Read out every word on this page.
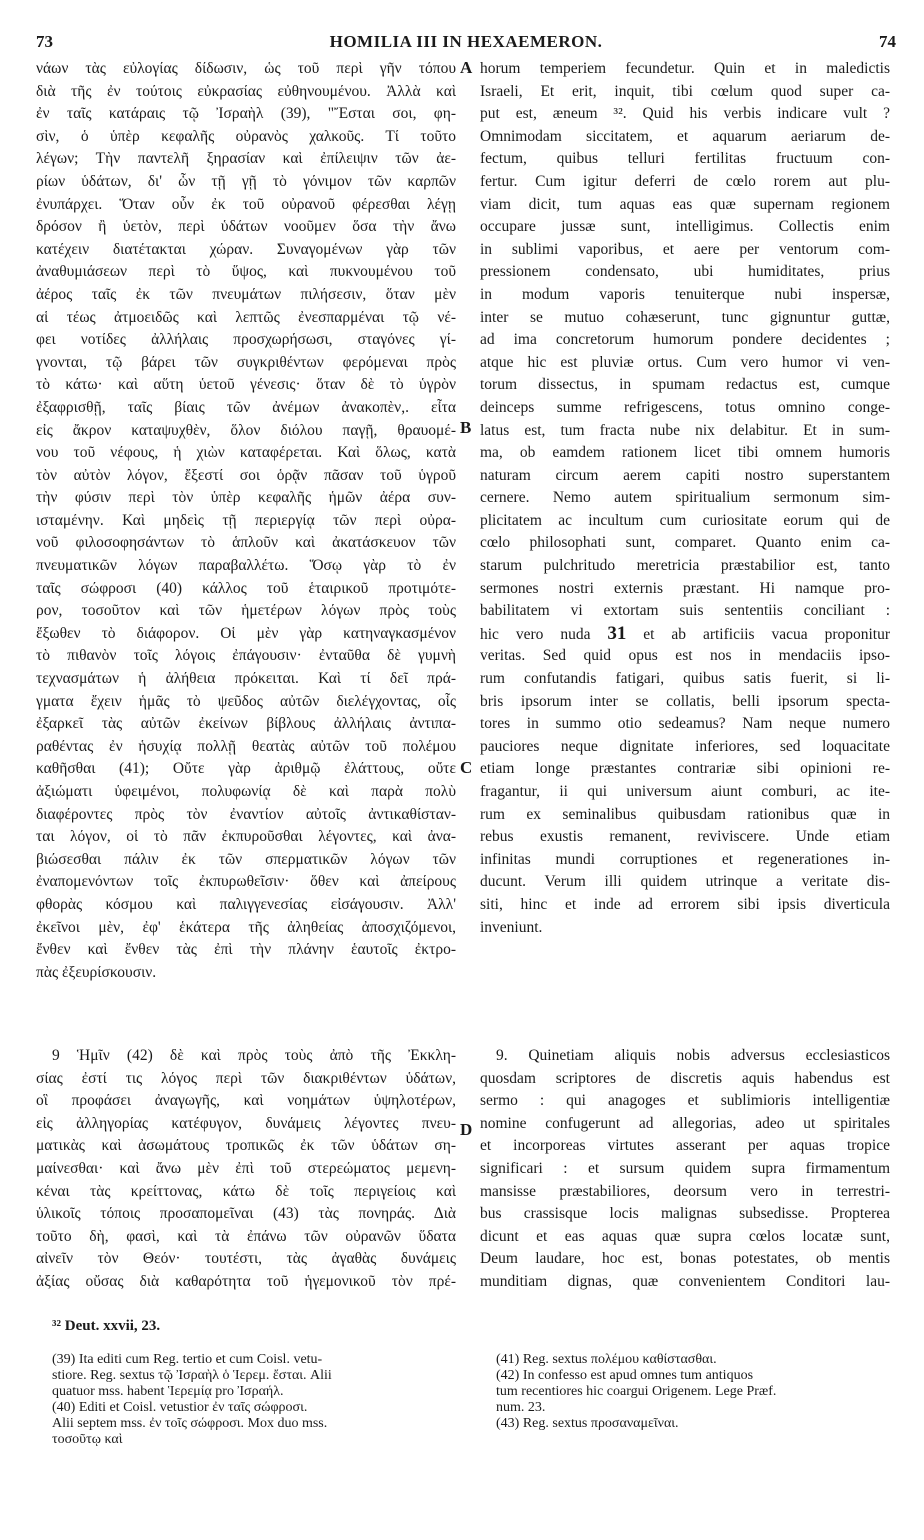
73	HOMILIA III IN HEXAEMERON.	74
νάων τὰς εὐλογίας δίδωσιν, ὡς τοῦ περὶ γῆν τόπου
διὰ τῆς ἐν τούτοις εὐκρασίας εὐθηνουμένου. Ἀλλὰ καὶ
ἐν ταῖς κατάραις τῷ Ἰσραὴλ (39), "Ἔσται σοι, φη-
σὶν, ὁ ὑπὲρ κεφαλῆς οὐρανὸς χαλκοῦς. Τί τοῦτο
λέγων; Τὴν παντελῆ ξηρασίαν καὶ ἐπίλειψιν τῶν ἀε-
ρίων ὑδάτων, δι' ὧν τῇ γῇ τὸ γόνιμον τῶν καρπῶν
ἐνυπάρχει. Ὅταν οὖν ἐκ τοῦ οὐρανοῦ φέρεσθαι λέγῃ
δρόσον ἢ ὑετὸν, περὶ ὑδάτων νοοῦμεν ὅσα τὴν ἄνω
κατέχειν διατέτακται χώραν. Συναγομένων γὰρ τῶν
ἀναθυμιάσεων περὶ τὸ ὕψος, καὶ πυκνουμένου τοῦ
ἀέρος ταῖς ἐκ τῶν πνευμάτων πιλήσεσιν, ὅταν μὲν
αἱ τέως ἀτμοειδῶς καὶ λεπτῶς ἐνεσπαρμέναι τῷ νέ-
φει νοτίδες ἀλλήλαις προσχωρήσωσι, σταγόνες γί-
γνονται, τῷ βάρει τῶν συγκριθέντων φερόμεναι πρὸς
τὸ κάτω· καὶ αὕτη ὑετοῦ γένεσις· ὅταν δὲ τὸ ὑγρὸν
ἐξαφρισθῇ, ταῖς βίαις τῶν ἀνέμων ἀνακοπὲν,. εἶτα
εἰς ἄκρον καταψυχθὲν, ὅλον διόλου παγῇ, θραυομέ-
νου τοῦ νέφους, ἡ χιὼν καταφέρεται. Καὶ ὅλως, κατὰ
τὸν αὐτὸν λόγον, ἔξεστί σοι ὁρᾷν πᾶσαν τοῦ ὑγροῦ
τὴν φύσιν περὶ τὸν ὑπὲρ κεφαλῆς ἡμῶν ἀέρα συν-
ισταμένην. Καὶ μηδεὶς τῇ περιεργίᾳ τῶν περὶ οὐρα-
νοῦ φιλοσοφησάντων τὸ ἁπλοῦν καὶ ἀκατάσκευον τῶν
πνευματικῶν λόγων παραβαλλέτω. Ὅσῳ γὰρ τὸ ἐν
ταῖς σώφροσι (40) κάλλος τοῦ ἑταιρικοῦ προτιμότε-
ρον, τοσοῦτον καὶ τῶν ἡμετέρων λόγων πρὸς τοὺς
ἔξωθεν τὸ διάφορον. Οἱ μὲν γὰρ κατηναγκασμένον
τὸ πιθανὸν τοῖς λόγοις ἐπάγουσιν· ἐνταῦθα δὲ γυμνὴ
τεχνασμάτων ἡ ἀλήθεια πρόκειται. Καὶ τί δεῖ πρά-
γματα ἔχειν ἡμᾶς τὸ ψεῦδος αὐτῶν διελέγχοντας, οἷς
ἐξαρκεῖ τὰς αὐτῶν ἐκείνων βίβλους ἀλλήλαις ἀντιπα-
ραθέντας ἐν ἡσυχίᾳ πολλῇ θεατὰς αὐτῶν τοῦ πολέμου
καθῆσθαι (41); Οὔτε γὰρ ἀριθμῷ ἐλάττους, οὔτε
ἀξιώματι ὑφειμένοι, πολυφωνίᾳ δὲ καὶ παρὰ πολὺ
διαφέροντες πρὸς τὸν ἐναντίον αὐτοῖς ἀντικαθίσταν-
ται λόγον, οἱ τὸ πᾶν ἐκπυροῦσθαι λέγοντες, καὶ ἀνα-
βιώσεσθαι πάλιν ἐκ τῶν σπερματικῶν λόγων τῶν
ἐναπομενόντων τοῖς ἐκπυρωθεῖσιν· ὅθεν καὶ ἀπείρους
φθορὰς κόσμου καὶ παλιγγενεσίας εἰσάγουσιν. Ἀλλ'
ἐκεῖνοι μὲν, ἐφ' ἑκάτερα τῆς ἀληθείας ἀποσχιζόμενοι,
ἔνθεν καὶ ἔνθεν τὰς ἐπὶ τὴν πλάνην ἑαυτοῖς ἐκτρο-
πὰς ἐξευρίσκουσιν.
horum temperiem fecundetur. Quin et in maledictis
Israeli, Et erit, inquit, tibi cœlum quod super ca-
put est, æneum ³². Quid his verbis indicare vult ?
Omnimodam siccitatem, et aquarum aeriarum de-
fectum, quibus telluri fertilitas fructuum con-
fertur. Cum igitur deferri de cœlo rorem aut plu-
viam dicit, tum aquas eas quæ supernam regionem
occupare jussæ sunt, intelligimus. Collectis enim
in sublimi vaporibus, et aere per ventorum com-
pressionem condensato, ubi humiditates, prius
in modum vaporis tenuiterque nubi inspersæ,
inter se mutuo cohæserunt, tunc gignuntur guttæ,
ad ima concretorum humorum pondere decidentes ;
atque hic est pluviæ ortus. Cum vero humor vi ven-
torum dissectus, in spumam redactus est, cumque
deinceps summe refrigescens, totus omnino conge-
latus est, tum fracta nube nix delabitur. Et in sum-
ma, ob eamdem rationem licet tibi omnem humoris
naturam circum aerem capiti nostro superstantem
cernere. Nemo autem spiritualium sermonum sim-
plicitatem ac incultum cum curiositate eorum qui de
cœlo philosophati sunt, comparet. Quanto enim ca-
starum pulchritudo meretricia præstabilior est, tanto
sermones nostri externis præstant. Hi namque pro-
babilitatem vi extortam suis sententiis conciliant :
hic vero nuda 31 et ab artificiis vacua proponitur
veritas. Sed quid opus est nos in mendaciis ipso-
rum confutandis fatigari, quibus satis fuerit, si li-
bris ipsorum inter se collatis, belli ipsorum specta-
tores in summo otio sedeamus? Nam neque numero
pauciores neque dignitate inferiores, sed loquacitate
etiam longe præstantes contrariæ sibi opinioni re-
fragantur, ii qui universum aiunt comburi, ac ite-
rum ex seminalibus quibusdam rationibus quæ in
rebus exustis remanent, reviviscere. Unde etiam
infinitas mundi corruptiones et regenerationes in-
ducunt. Verum illi quidem utrinque a veritate dis-
siti, hinc et inde ad errorem sibi ipsis diverticula
inveniunt.
A
B
C
D
9 Ἡμῖν (42) δὲ καὶ πρὸς τοὺς ἀπὸ τῆς Ἐκκλη-
σίας ἐστί τις λόγος περὶ τῶν διακριθέντων ὑδάτων,
οἳ προφάσει ἀναγωγῆς, καὶ νοημάτων ὑψηλοτέρων,
εἰς ἀλληγορίας κατέφυγον, δυνάμεις λέγοντες πνευ-
ματικὰς καὶ ἀσωμάτους τροπικῶς ἐκ τῶν ὑδάτων ση-
μαίνεσθαι· καὶ ἄνω μὲν ἐπὶ τοῦ στερεώματος μεμενη-
κέναι τὰς κρείττονας, κάτω δὲ τοῖς περιγείοις καὶ
ὑλικοῖς τόποις προσαπομεῖναι (43) τὰς πονηράς. Διὰ
τοῦτο δὴ, φασὶ, καὶ τὰ ἐπάνω τῶν οὐρανῶν ὕδατα
αἰνεῖν τὸν Θεόν· τουτέστι, τὰς ἀγαθὰς δυνάμεις
ἀξίας οὔσας διὰ καθαρότητα τοῦ ἡγεμονικοῦ τὸν πρέ-
9. Quinetiam aliquis nobis adversus ecclesiasticos
quosdam scriptores de discretis aquis habendus est
sermo : qui anagoges et sublimioris intelligentiæ
nomine confugerunt ad allegorias, adeo ut spiritales
et incorporeas virtutes asserant per aquas tropice
significari : et sursum quidem supra firmamentum
mansisse præstabiliores, deorsum vero in terrestri-
bus crassisque locis malignas subsedisse. Propterea
dicunt et eas aquas quæ supra cœlos locatæ sunt,
Deum laudare, hoc est, bonas potestates, ob mentis
munditiam dignas, quæ convenientem Conditori lau-
³² Deut. xxvii, 23.
(39) Ita editi cum Reg. tertio et cum Coisl. vetu-
stiore. Reg. sextus τῷ Ἰσραὴλ ὁ Ἱερεμ. ἔσται. Alii
quatuor mss. habent Ἱερεμίᾳ pro Ἰσραήλ.
(40) Editi et Coisl. vetustior ἐν ταῖς σώφροσι.
Alii septem mss. ἐν τοῖς σώφροσι. Mox duo mss.
τοσοῦτῳ καὶ
(41) Reg. sextus πολέμου καθίστασθαι.
(42) In confesso est apud omnes tum antiquos
tum recentiores hic coargui Origenem. Lege Præf.
num. 23.
(43) Reg. sextus προσαναμεῖναι.
